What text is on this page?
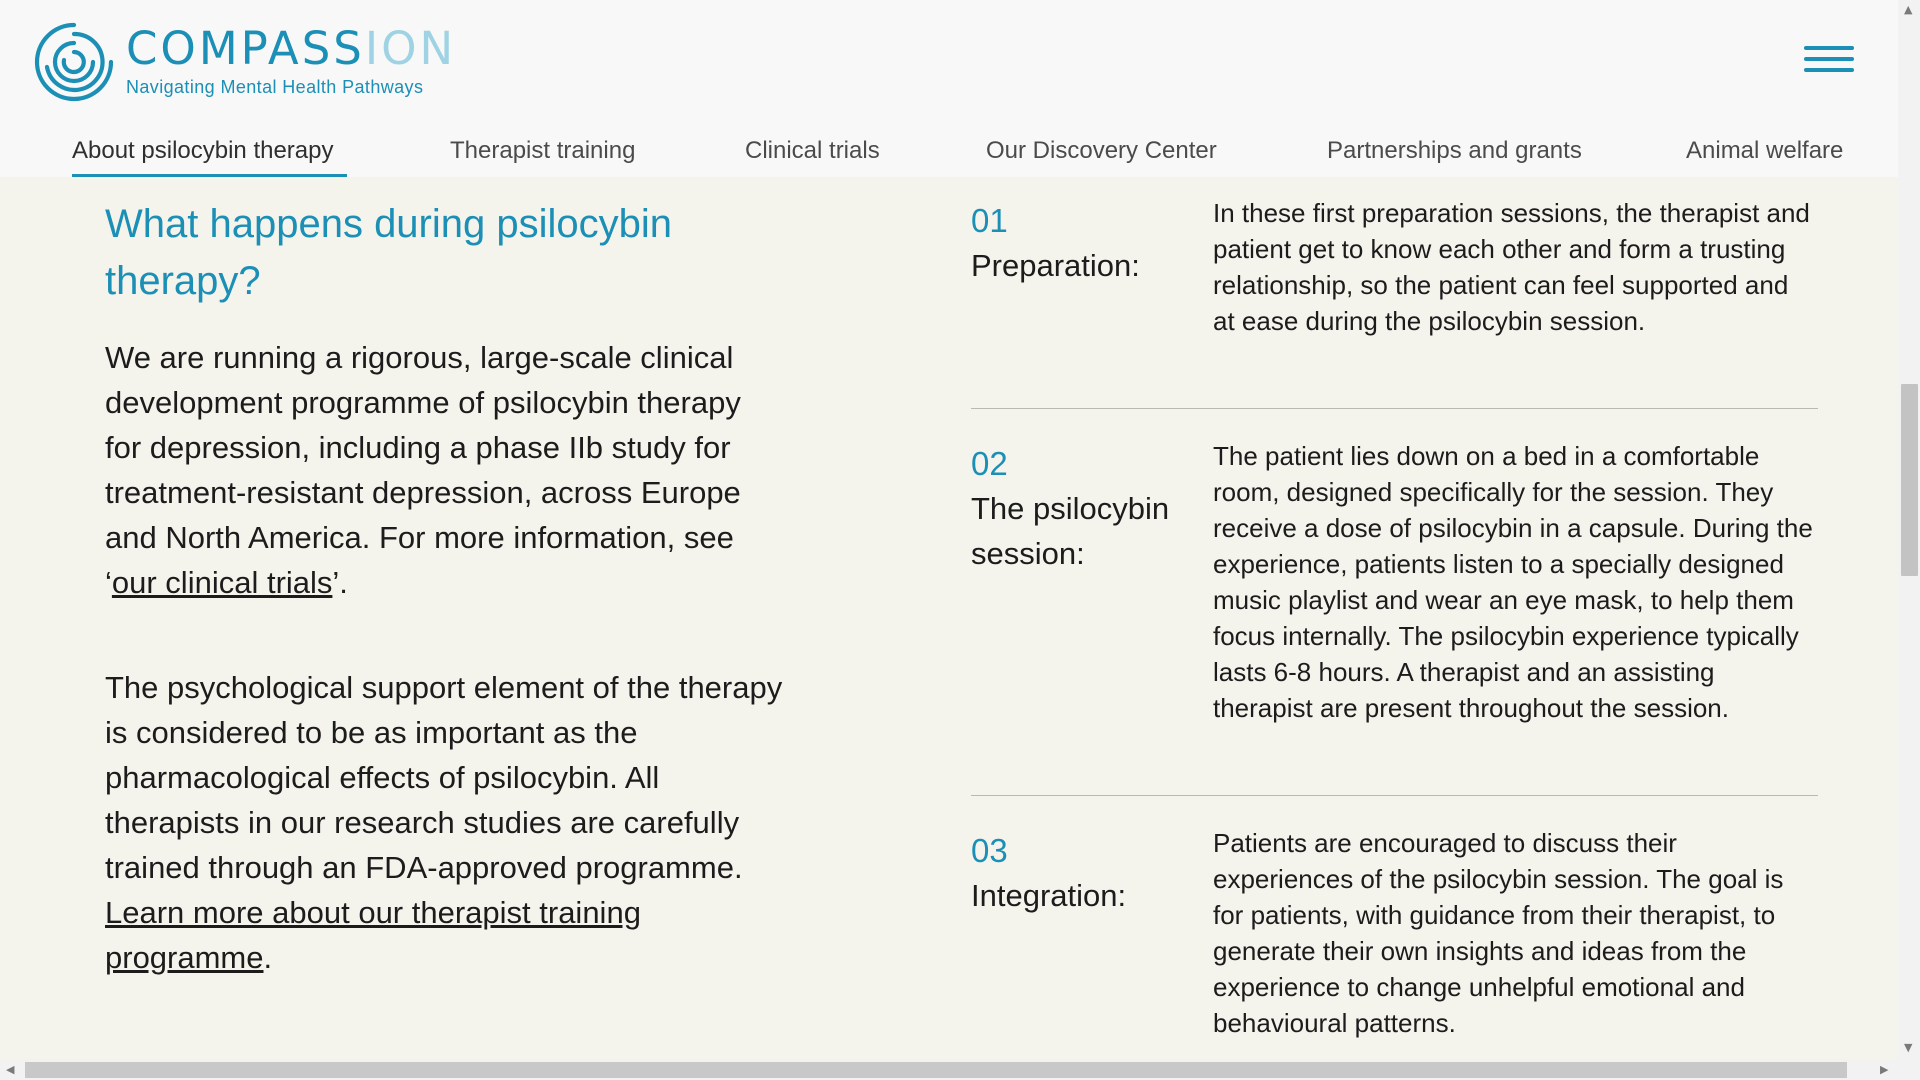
COMPASSION
Navigating Mental Health Pathways
About psilocybin therapy	Therapist training	Clinical trials	Our Discovery Center	Partnerships and grants	Animal welfare
What happens during psilocybin therapy?

We are running a rigorous, large-scale clinical development programme of psilocybin therapy for depression, including a phase IIb study for treatment-resistant depression, across Europe and North America. For more information, see ‘our clinical trials’.

The psychological support element of the therapy is considered to be as important as the pharmacological effects of psilocybin. All therapists in our research studies are carefully trained through an FDA-approved programme. Learn more about our therapist training programme.

01
Preparation:

In these first preparation sessions, the therapist and patient get to know each other and form a trusting relationship, so the patient can feel supported and at ease during the psilocybin session.

02
The psilocybin session:

The patient lies down on a bed in a comfortable room, designed specifically for the session. They receive a dose of psilocybin in a capsule. During the experience, patients listen to a specially designed music playlist and wear an eye mask, to help them focus internally. The psilocybin experience typically lasts 6-8 hours. A therapist and an assisting therapist are present throughout the session.

03
Integration:

Patients are encouraged to discuss their experiences of the psilocybin session. The goal is for patients, with guidance from their therapist, to generate their own insights and ideas from the experience to change unhelpful emotional and behavioural patterns.

▲
▼
◀	▶
